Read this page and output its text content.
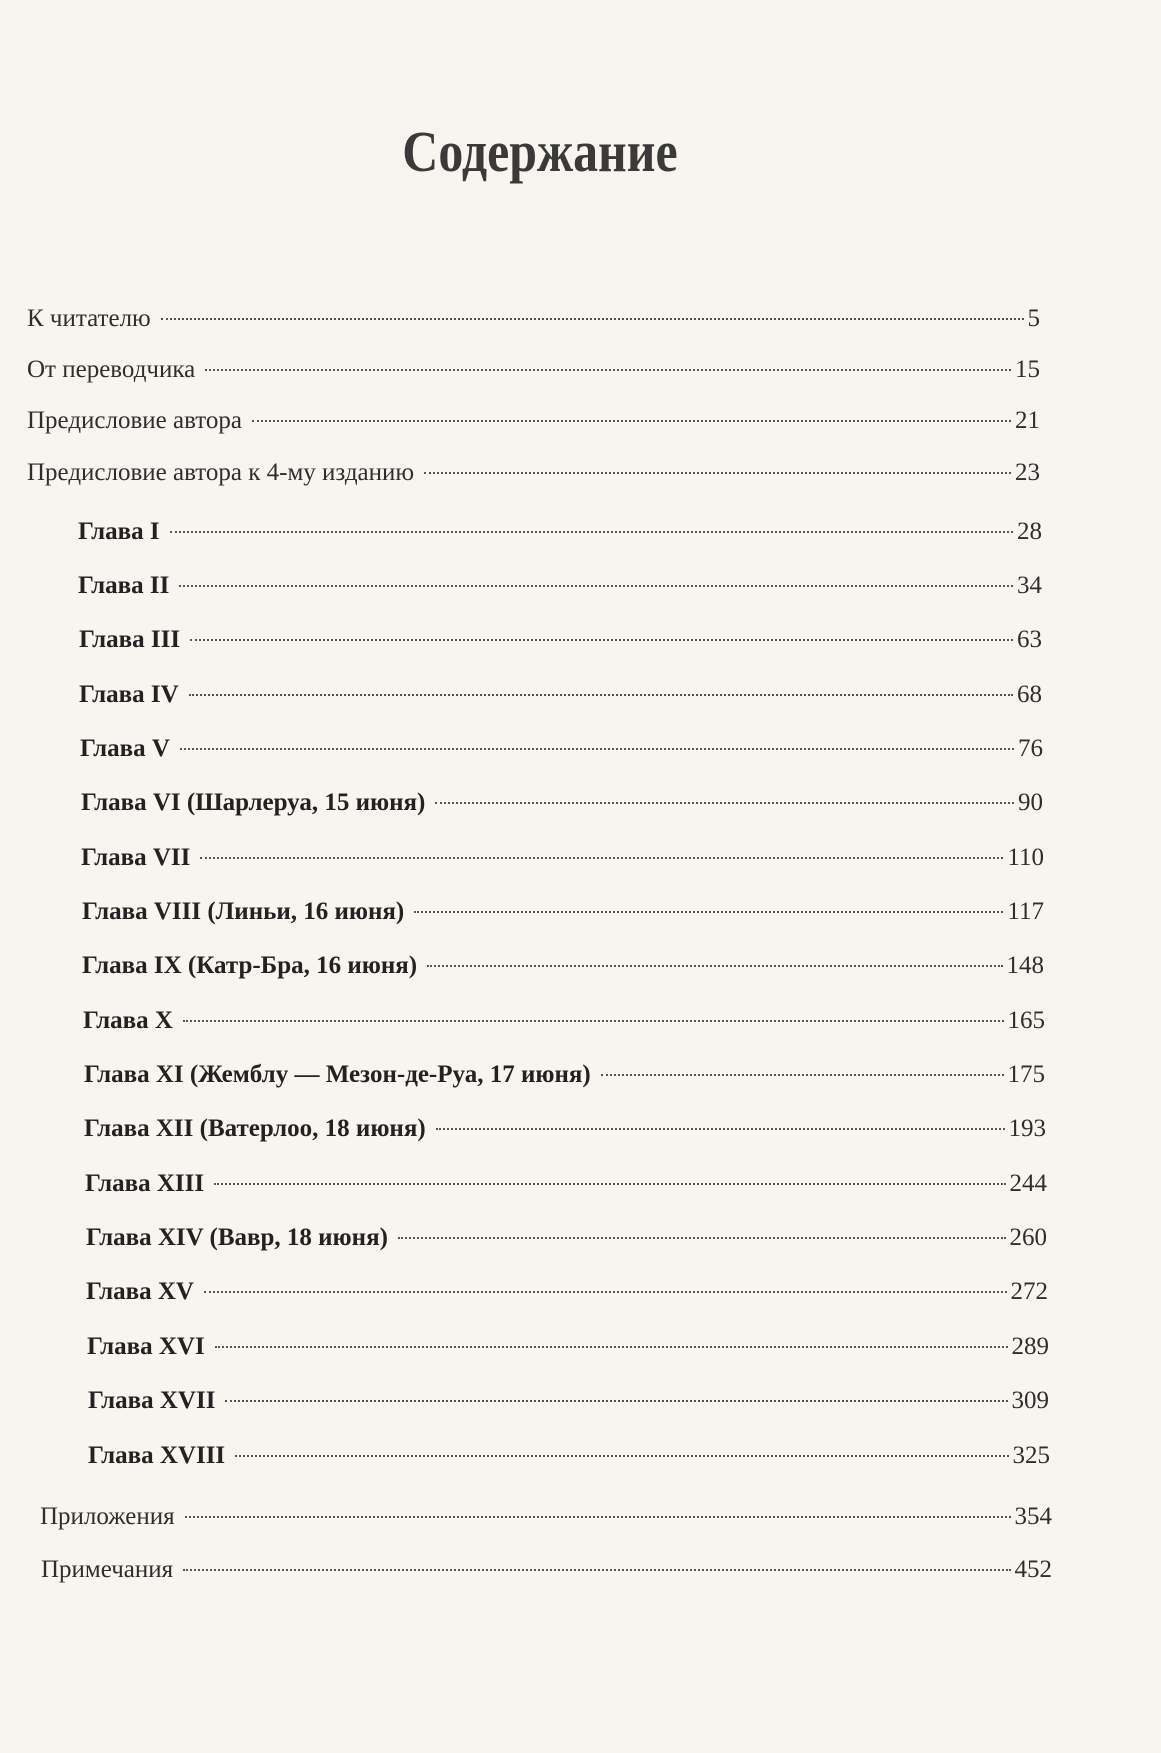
Содержание
К читателю	5
От переводчика	15
Предисловие автора	21
Предисловие автора к 4-му изданию	23
Глава I	28
Глава II	34
Глава III	63
Глава IV	68
Глава V	76
Глава VI (Шарлеруа, 15 июня)	90
Глава VII	110
Глава VIII (Линьи, 16 июня)	117
Глава IX (Катр-Бра, 16 июня)	148
Глава X	165
Глава XI (Жемблу — Мезон-де-Руа, 17 июня)	175
Глава XII (Ватерлоо, 18 июня)	193
Глава XIII	244
Глава XIV (Вавр, 18 июня)	260
Глава XV	272
Глава XVI	289
Глава XVII	309
Глава XVIII	325
Приложения	354
Примечания	452
